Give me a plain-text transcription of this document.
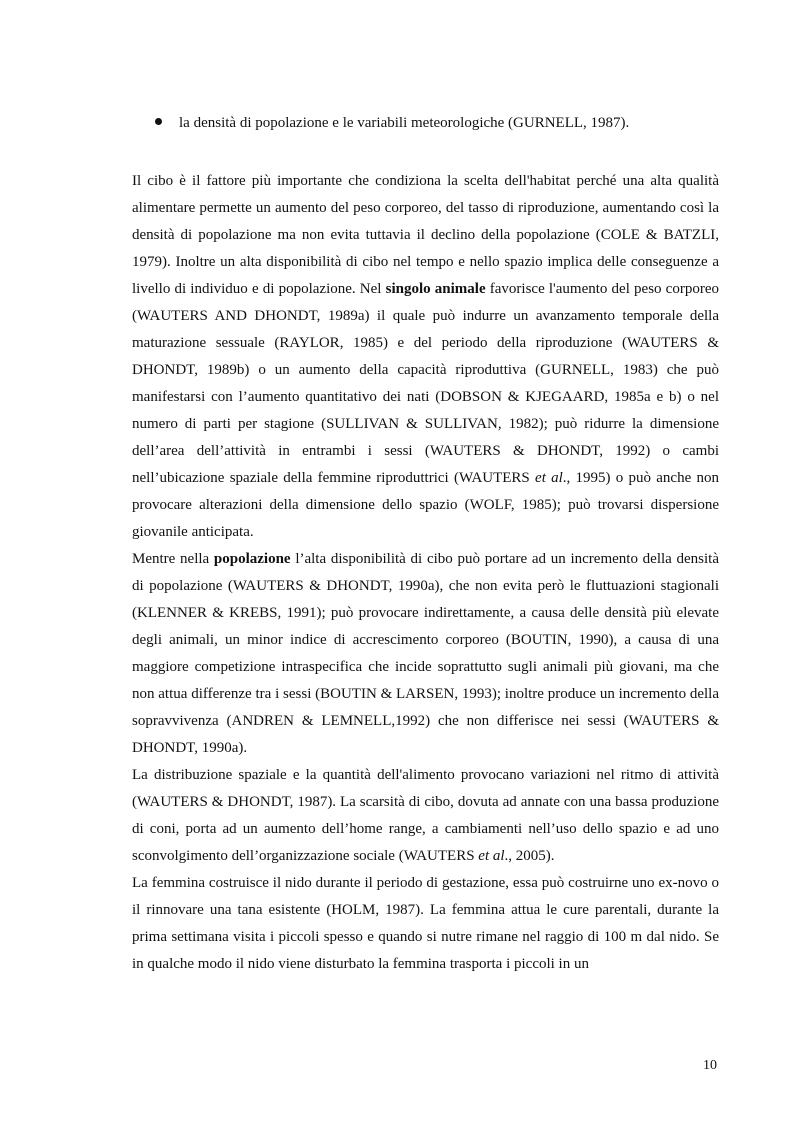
la densità di popolazione e le variabili meteorologiche (GURNELL, 1987).

Il cibo è il fattore più importante che condiziona la scelta dell'habitat perché una alta qualità alimentare permette un aumento del peso corporeo, del tasso di riproduzione, aumentando così la densità di popolazione ma non evita tuttavia il declino della popolazione (COLE & BATZLI, 1979). Inoltre un alta disponibilità di cibo nel tempo e nello spazio implica delle conseguenze a livello di individuo e di popolazione. Nel singolo animale favorisce l'aumento del peso corporeo (WAUTERS AND DHONDT, 1989a) il quale può indurre un avanzamento temporale della maturazione sessuale (RAYLOR, 1985) e del periodo della riproduzione (WAUTERS & DHONDT, 1989b) o un aumento della capacità riproduttiva (GURNELL, 1983) che può manifestarsi con l’aumento quantitativo dei nati (DOBSON & KJEGAARD, 1985a e b) o nel numero di parti per stagione (SULLIVAN & SULLIVAN, 1982); può ridurre la dimensione dell’area dell’attività in entrambi i sessi (WAUTERS & DHONDT, 1992) o cambi nell’ubicazione spaziale della femmine riproduttrici (WAUTERS et al., 1995) o può anche non provocare alterazioni della dimensione dello spazio (WOLF, 1985); può trovarsi dispersione giovanile anticipata.

Mentre nella popolazione l’alta disponibilità di cibo può portare ad un incremento della densità di popolazione (WAUTERS & DHONDT, 1990a), che non evita però le fluttuazioni stagionali (KLENNER & KREBS, 1991); può provocare indirettamente, a causa delle densità più elevate degli animali, un minor indice di accrescimento corporeo (BOUTIN, 1990), a causa di una maggiore competizione intraspecifica che incide soprattutto sugli animali più giovani, ma che non attua differenze tra i sessi (BOUTIN & LARSEN, 1993); inoltre produce un incremento della sopravvivenza (ANDREN & LEMNELL,1992) che non differisce nei sessi (WAUTERS & DHONDT, 1990a).

La distribuzione spaziale e la quantità dell'alimento provocano variazioni nel ritmo di attività (WAUTERS & DHONDT, 1987). La scarsità di cibo, dovuta ad annate con una bassa produzione di coni, porta ad un aumento dell’home range, a cambiamenti nell’uso dello spazio e ad uno sconvolgimento dell’organizzazione sociale (WAUTERS et al., 2005).

La femmina costruisce il nido durante il periodo di gestazione, essa può costruirne uno ex-novo o il rinnovare una tana esistente (HOLM, 1987). La femmina attua le cure parentali, durante la prima settimana visita i piccoli spesso e quando si nutre rimane nel raggio di 100 m dal nido. Se in qualche modo il nido viene disturbato la femmina trasporta i piccoli in un

10
